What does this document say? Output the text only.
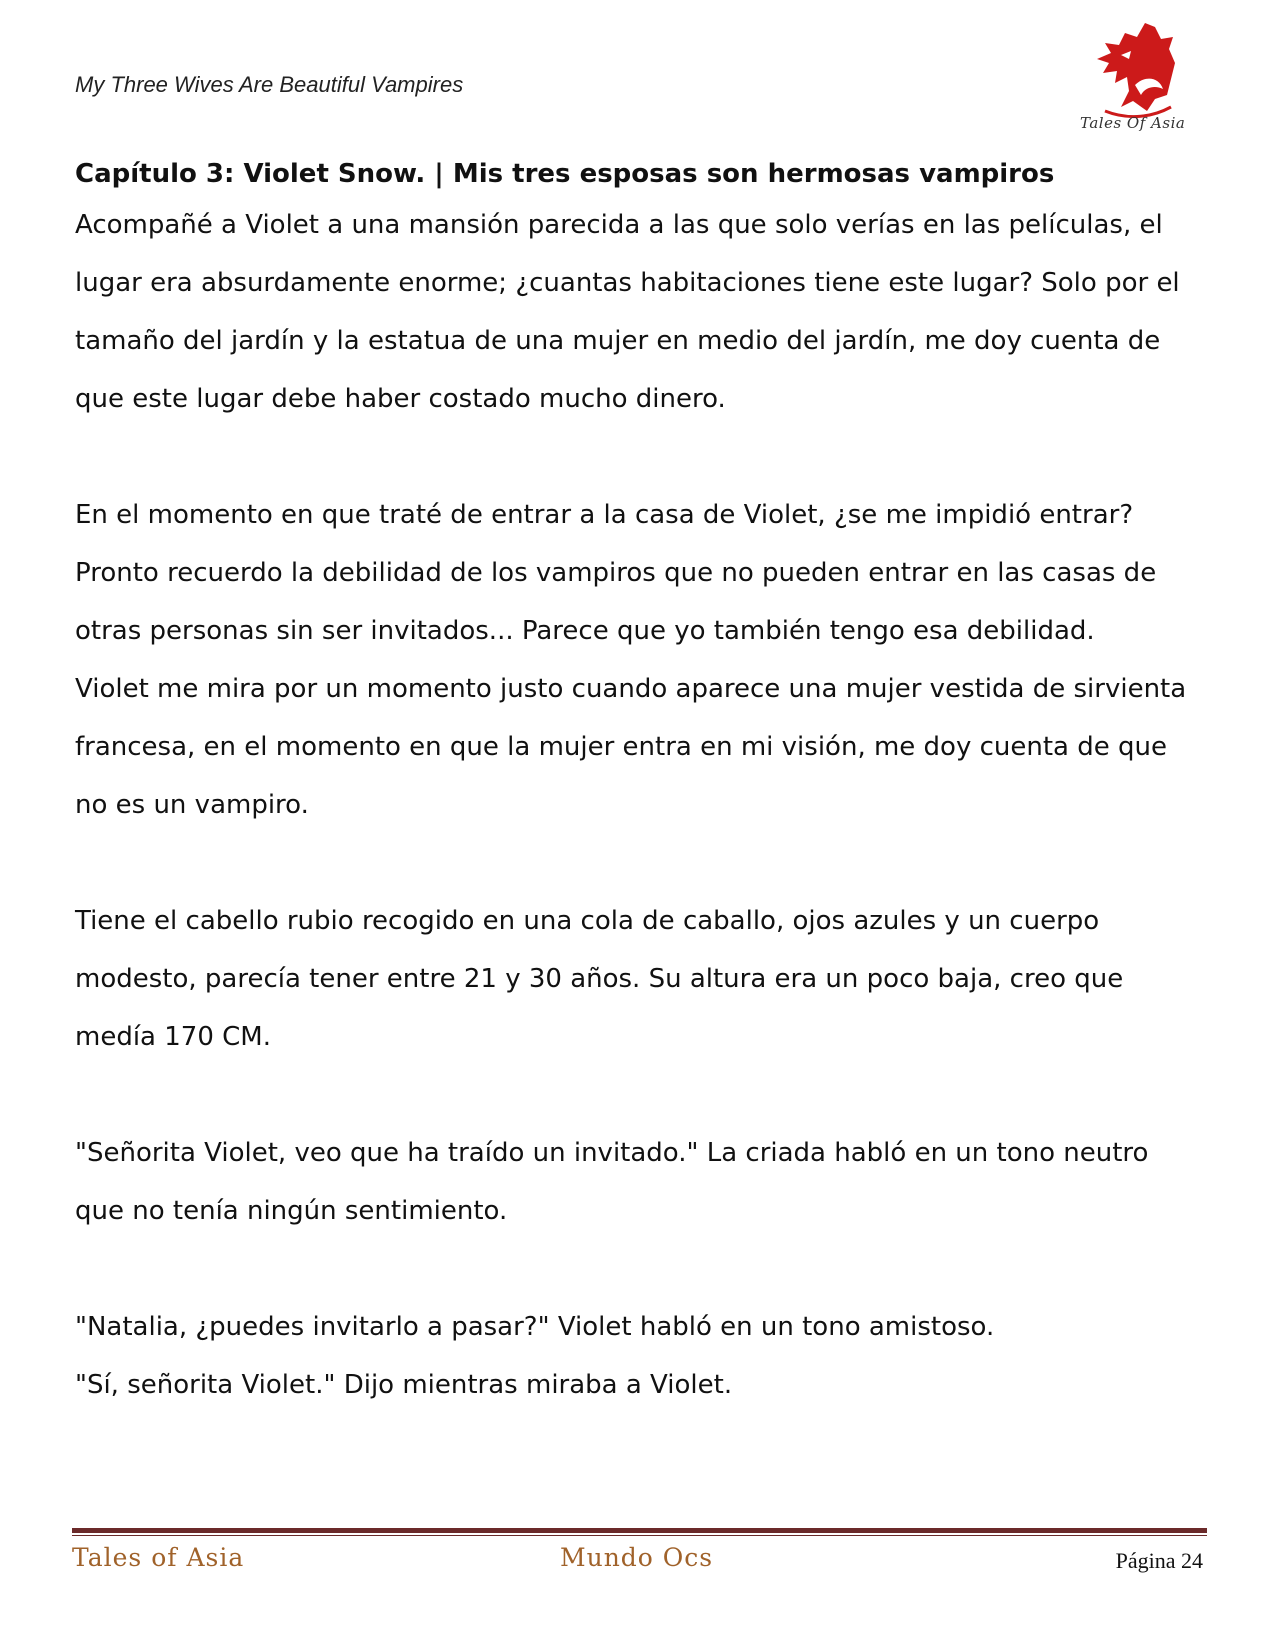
My Three Wives Are Beautiful Vampires
Tales Of Asia

Capítulo 3: Violet Snow. | Mis tres esposas son hermosas vampiros

Acompañé a Violet a una mansión parecida a las que solo verías en las películas, el lugar era absurdamente enorme; ¿cuantas habitaciones tiene este lugar? Solo por el tamaño del jardín y la estatua de una mujer en medio del jardín, me doy cuenta de que este lugar debe haber costado mucho dinero.

En el momento en que traté de entrar a la casa de Violet, ¿se me impidió entrar? Pronto recuerdo la debilidad de los vampiros que no pueden entrar en las casas de otras personas sin ser invitados... Parece que yo también tengo esa debilidad.

Violet me mira por un momento justo cuando aparece una mujer vestida de sirvienta francesa, en el momento en que la mujer entra en mi visión, me doy cuenta de que no es un vampiro.

Tiene el cabello rubio recogido en una cola de caballo, ojos azules y un cuerpo modesto, parecía tener entre 21 y 30 años. Su altura era un poco baja, creo que medía 170 CM.

"Señorita Violet, veo que ha traído un invitado." La criada habló en un tono neutro que no tenía ningún sentimiento.

"Natalia, ¿puedes invitarlo a pasar?" Violet habló en un tono amistoso.

"Sí, señorita Violet." Dijo mientras miraba a Violet.

Tales of Asia	Mundo Ocs	Página 24
